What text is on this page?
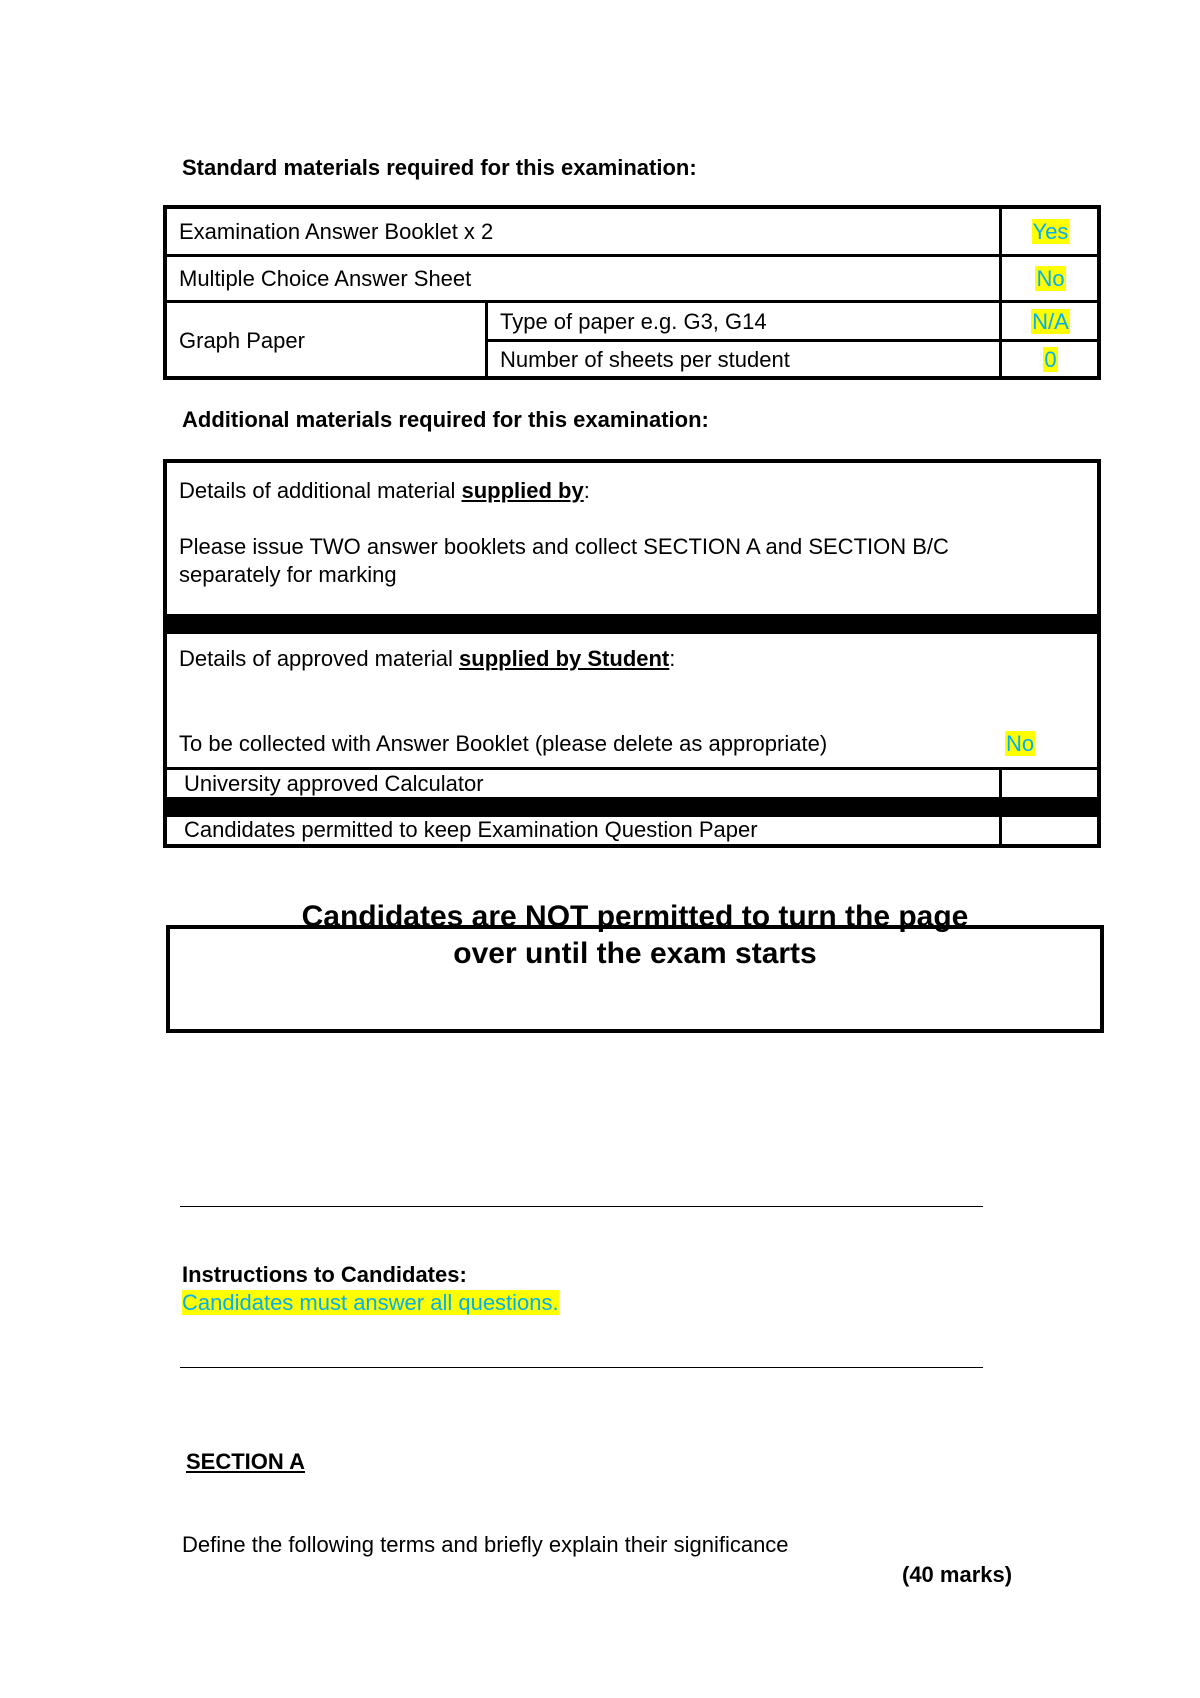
Standard materials required for this examination:
Examination Answer Booklet x 2	Yes
Multiple Choice Answer Sheet	No
Graph Paper
Type of paper e.g. G3, G14	N/A
Number of sheets per student	0
Additional materials required for this examination:
Details of additional material supplied by:
Please issue TWO answer booklets and collect SECTION A and SECTION B/C
separately for marking
Details of approved material supplied by Student:
To be collected with Answer Booklet (please delete as appropriate)	No
University approved Calculator
Candidates permitted to keep Examination Question Paper
Candidates are NOT permitted to turn the page
over until the exam starts
Instructions to Candidates:
Candidates must answer all questions.
SECTION A
Define the following terms and briefly explain their significance
(40 marks)
